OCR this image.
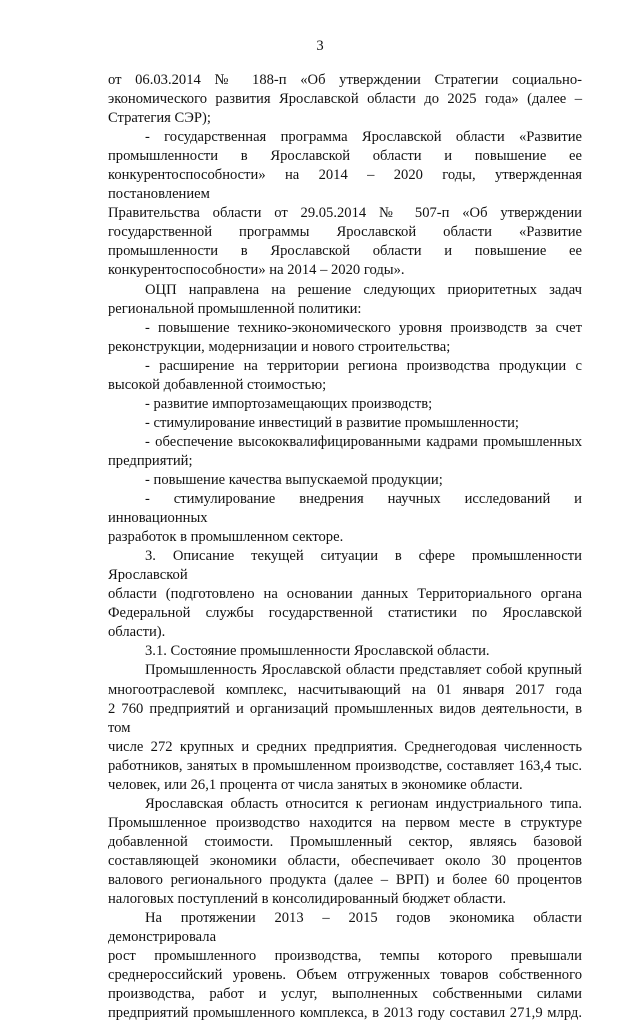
3

от 06.03.2014 № 188-п «Об утверждении Стратегии социально-

экономического развития Ярославской области до 2025 года» (далее –

Стратегия СЭР);

- государственная программа Ярославской области «Развитие

промышленности в Ярославской области и повышение ее

конкурентоспособности» на 2014 – 2020 годы, утвержденная постановлением

Правительства области от 29.05.2014 № 507-п «Об утверждении

государственной программы Ярославской области «Развитие

промышленности в Ярославской области и повышение ее

конкурентоспособности» на 2014 – 2020 годы».

ОЦП направлена на решение следующих приоритетных задач

региональной промышленной политики:

- повышение технико-экономического уровня производств за счет

реконструкции, модернизации и нового строительства;

- расширение на территории региона производства продукции с

высокой добавленной стоимостью;

- развитие импортозамещающих производств;

- стимулирование инвестиций в развитие промышленности;

- обеспечение высококвалифицированными кадрами промышленных

предприятий;

- повышение качества выпускаемой продукции;

- стимулирование внедрения научных исследований и инновационных

разработок в промышленном секторе.

3. Описание текущей ситуации в сфере промышленности Ярославской

области (подготовлено на основании данных Территориального органа

Федеральной службы государственной статистики по Ярославской области).

3.1. Состояние промышленности Ярославской области.

Промышленность Ярославской области представляет собой крупный

многоотраслевой комплекс, насчитывающий на 01 января 2017 года

2 760 предприятий и организаций промышленных видов деятельности, в том

числе 272 крупных и средних предприятия. Среднегодовая численность

работников, занятых в промышленном производстве, составляет 163,4 тыс.

человек, или 26,1 процента от числа занятых в экономике области.

Ярославская область относится к регионам индустриального типа.

Промышленное производство находится на первом месте в структуре

добавленной стоимости. Промышленный сектор, являясь базовой

составляющей экономики области, обеспечивает около 30 процентов

валового регионального продукта (далее – ВРП) и более 60 процентов

налоговых поступлений в консолидированный бюджет области.

На протяжении 2013 – 2015 годов экономика области демонстрировала

рост промышленного производства, темпы которого превышали

среднероссийский уровень. Объем отгруженных товаров собственного

производства, работ и услуг, выполненных собственными силами

предприятий промышленного комплекса, в 2013 году составил 271,9 млрд.
